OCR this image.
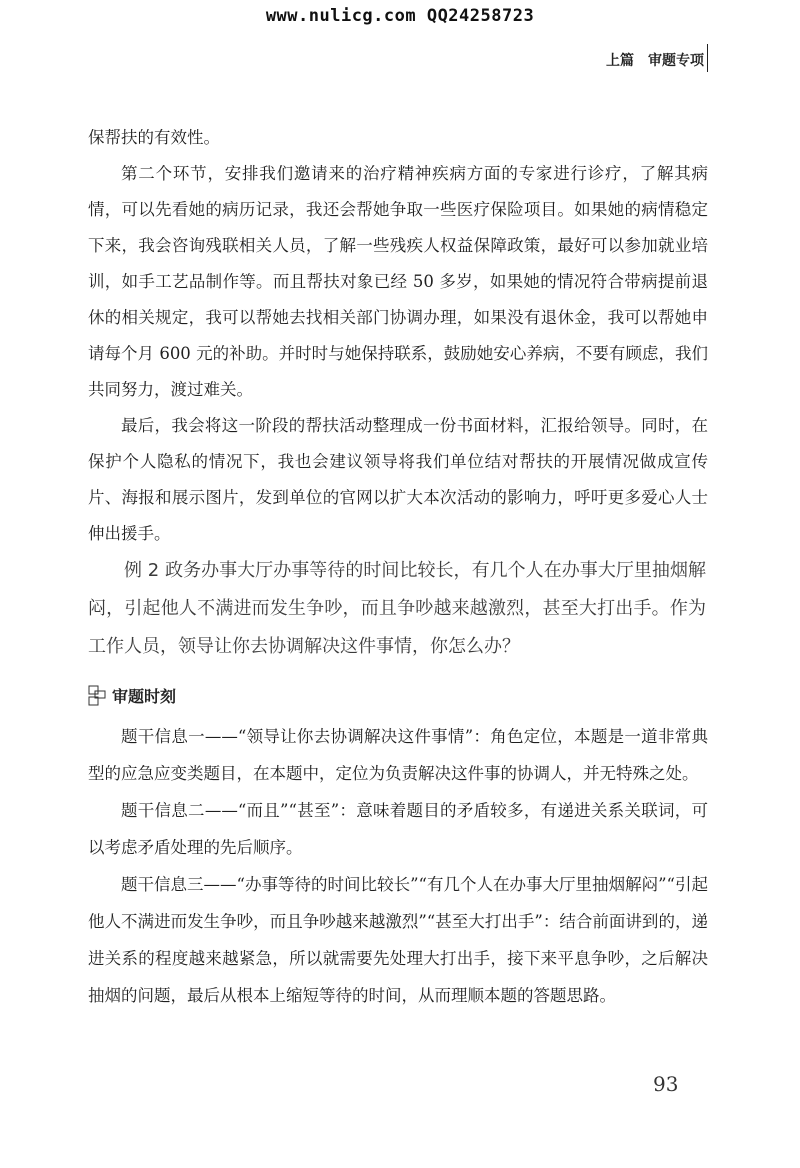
www.nulicg.com QQ24258723
上篇 审题专项

保帮扶的有效性。

第二个环节，安排我们邀请来的治疗精神疾病方面的专家进行诊疗，了解其病情，可以先看她的病历记录，我还会帮她争取一些医疗保险项目。如果她的病情稳定下来，我会咨询残联相关人员，了解一些残疾人权益保障政策，最好可以参加就业培训，如手工艺品制作等。而且帮扶对象已经 50 多岁，如果她的情况符合带病提前退休的相关规定，我可以帮她去找相关部门协调办理，如果没有退休金，我可以帮她申请每个月 600 元的补助。并时时与她保持联系，鼓励她安心养病，不要有顾虑，我们共同努力，渡过难关。

最后，我会将这一阶段的帮扶活动整理成一份书面材料，汇报给领导。同时，在保护个人隐私的情况下，我也会建议领导将我们单位结对帮扶的开展情况做成宣传片、海报和展示图片，发到单位的官网以扩大本次活动的影响力，呼吁更多爱心人士伸出援手。

例 2 政务办事大厅办事等待的时间比较长，有几个人在办事大厅里抽烟解闷，引起他人不满进而发生争吵，而且争吵越来越激烈，甚至大打出手。作为工作人员，领导让你去协调解决这件事情，你怎么办？

审题时刻

题干信息一——“领导让你去协调解决这件事情”：角色定位，本题是一道非常典型的应急应变类题目，在本题中，定位为负责解决这件事的协调人，并无特殊之处。

题干信息二——“而且”“甚至”：意味着题目的矛盾较多，有递进关系关联词，可以考虑矛盾处理的先后顺序。

题干信息三——“办事等待的时间比较长”“有几个人在办事大厅里抽烟解闷”“引起他人不满进而发生争吵，而且争吵越来越激烈”“甚至大打出手”：结合前面讲到的，递进关系的程度越来越紧急，所以就需要先处理大打出手，接下来平息争吵，之后解决抽烟的问题，最后从根本上缩短等待的时间，从而理顺本题的答题思路。

93
